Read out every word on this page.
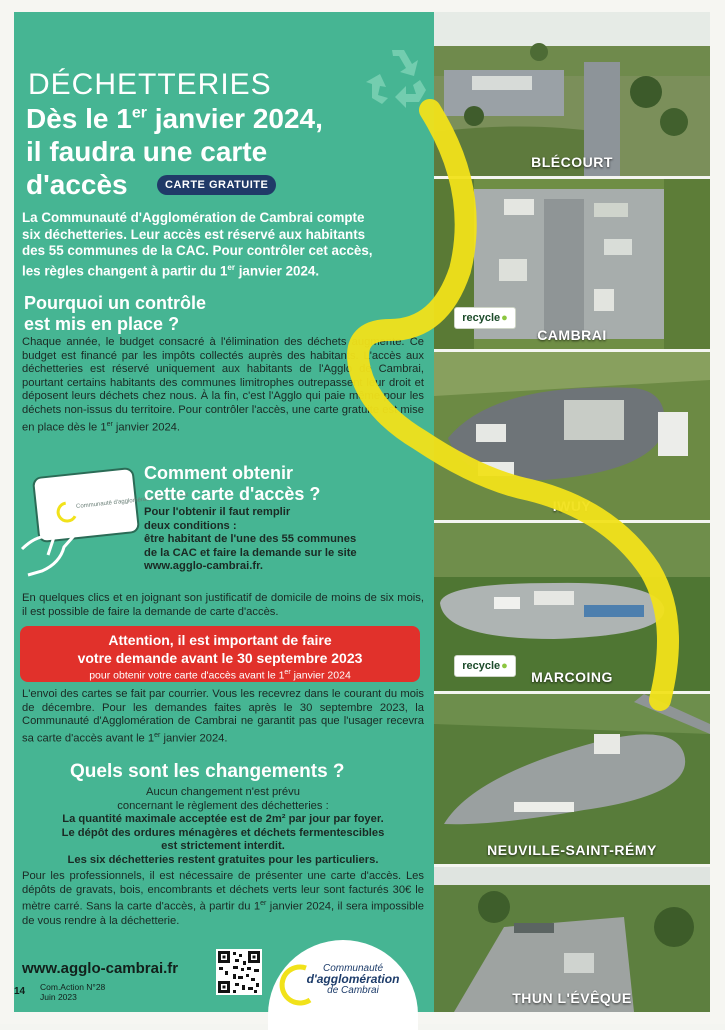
DÉCHETTERIES
Dès le 1er janvier 2024,
il faudra une carte
d'accès	CARTE GRATUITE
La Communauté d'Agglomération de Cambrai compte
six déchetteries. Leur accès est réservé aux habitants
des 55 communes de la CAC. Pour contrôler cet accès,
les règles changent à partir du 1er janvier 2024.
Pourquoi un contrôle
est mis en place ?
Chaque année, le budget consacré à l'élimination des déchets augmente. Ce budget est financé par les impôts collectés auprès des habitants. L'accès aux déchetteries est réservé uniquement aux habitants de l'Agglo de Cambrai, pourtant certains habitants des communes limitrophes outrepassent leur droit et déposent leurs déchets chez nous. À la fin, c'est l'Agglo qui paie même pour les déchets non-issus du territoire. Pour contrôler l'accès, une carte gratuite est mise en place dès le 1er janvier 2024.
Communauté d'agglomération de Cambrai
Comment obtenir
cette carte d'accès ?
Pour l'obtenir il faut remplir
deux conditions :
être habitant de l'une des 55 communes
de la CAC et faire la demande sur le site
www.agglo-cambrai.fr.
En quelques clics et en joignant son justificatif de domicile de moins de six mois, il est possible de faire la demande de carte d'accès.
Attention, il est important de faire
votre demande avant le 30 septembre 2023
pour obtenir votre carte d'accès avant le 1er janvier 2024
L'envoi des cartes se fait par courrier. Vous les recevrez dans le courant du mois de décembre. Pour les demandes faites après le 30 septembre 2023, la Communauté d'Agglomération de Cambrai ne garantit pas que l'usager recevra sa carte d'accès avant le 1er janvier 2024.
Quels sont les changements ?
Aucun changement n'est prévu
concernant le règlement des déchetteries :
La quantité maximale acceptée est de 2m² par jour par foyer.
Le dépôt des ordures ménagères et déchets fermentescibles
est strictement interdit.
Les six déchetteries restent gratuites pour les particuliers.
Pour les professionnels, il est nécessaire de présenter une carte d'accès. Les dépôts de gravats, bois, encombrants et déchets verts leur sont facturés 30€ le mètre carré. Sans la carte d'accès, à partir du 1er janvier 2024, il sera impossible de vous rendre à la déchetterie.
www.agglo-cambrai.fr
14 Com.Action N°28
Juin 2023
Communauté
d'agglomération
de Cambrai
BLÉCOURT
recycle ●
CAMBRAI
IWUY
recycle ●
MARCOING
NEUVILLE-SAINT-RÉMY
THUN L'ÉVÊQUE
